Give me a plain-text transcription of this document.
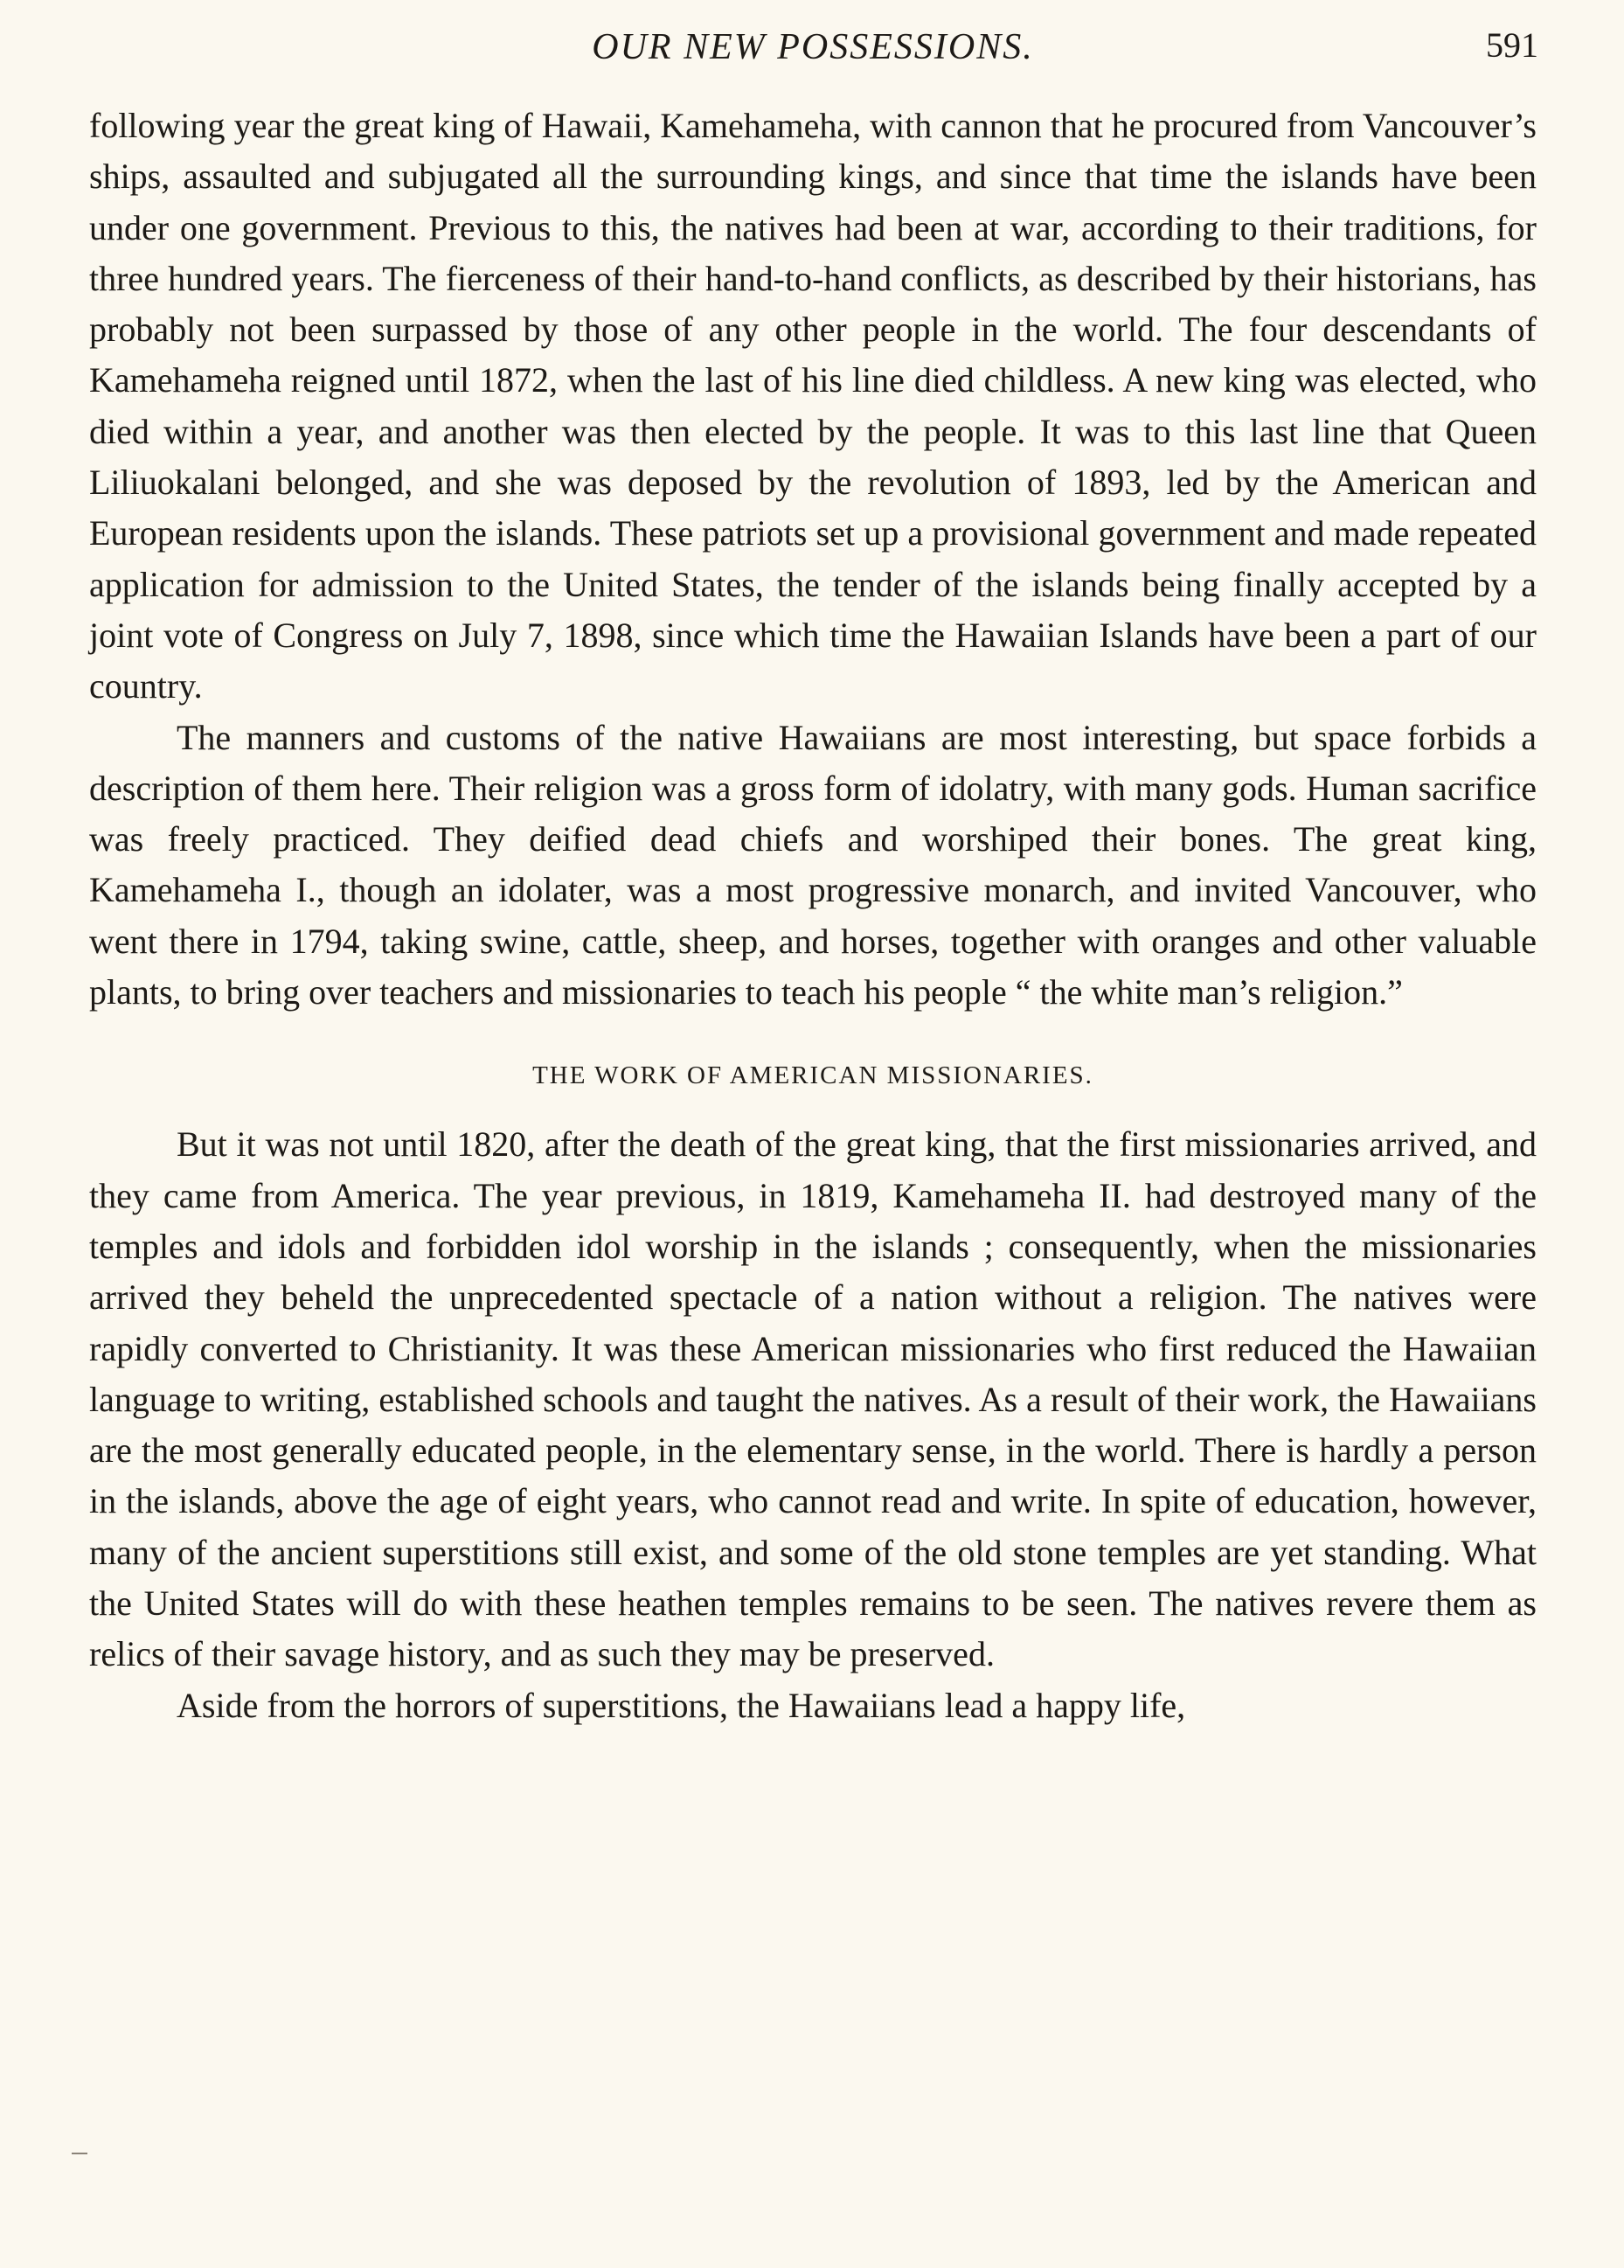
OUR NEW POSSESSIONS.	591

following year the great king of Hawaii, Kamehameha, with cannon that he procured from Vancouver’s ships, assaulted and subjugated all the surrounding kings, and since that time the islands have been under one government. Previous to this, the natives had been at war, according to their traditions, for three hundred years. The fierceness of their hand-to-hand conflicts, as described by their historians, has probably not been surpassed by those of any other people in the world. The four descendants of Kamehameha reigned until 1872, when the last of his line died childless. A new king was elected, who died within a year, and another was then elected by the people. It was to this last line that Queen Liliuokalani belonged, and she was deposed by the revolution of 1893, led by the American and European residents upon the islands. These patriots set up a provisional government and made repeated application for admission to the United States, the tender of the islands being finally accepted by a joint vote of Congress on July 7, 1898, since which time the Hawaiian Islands have been a part of our country.

The manners and customs of the native Hawaiians are most interesting, but space forbids a description of them here. Their religion was a gross form of idolatry, with many gods. Human sacrifice was freely practiced. They deified dead chiefs and worshiped their bones. The great king, Kamehameha I., though an idolater, was a most progressive monarch, and invited Vancouver, who went there in 1794, taking swine, cattle, sheep, and horses, together with oranges and other valuable plants, to bring over teachers and missionaries to teach his people “ the white man’s religion.”

THE WORK OF AMERICAN MISSIONARIES.

But it was not until 1820, after the death of the great king, that the first missionaries arrived, and they came from America. The year previous, in 1819, Kamehameha II. had destroyed many of the temples and idols and forbidden idol worship in the islands ; consequently, when the missionaries arrived they beheld the unprecedented spectacle of a nation without a religion. The natives were rapidly converted to Christianity. It was these American missionaries who first reduced the Hawaiian language to writing, established schools and taught the natives. As a result of their work, the Hawaiians are the most generally educated people, in the elementary sense, in the world. There is hardly a person in the islands, above the age of eight years, who cannot read and write. In spite of education, however, many of the ancient superstitions still exist, and some of the old stone temples are yet standing. What the United States will do with these heathen temples remains to be seen. The natives revere them as relics of their savage history, and as such they may be preserved.

Aside from the horrors of superstitions, the Hawaiians lead a happy life,
